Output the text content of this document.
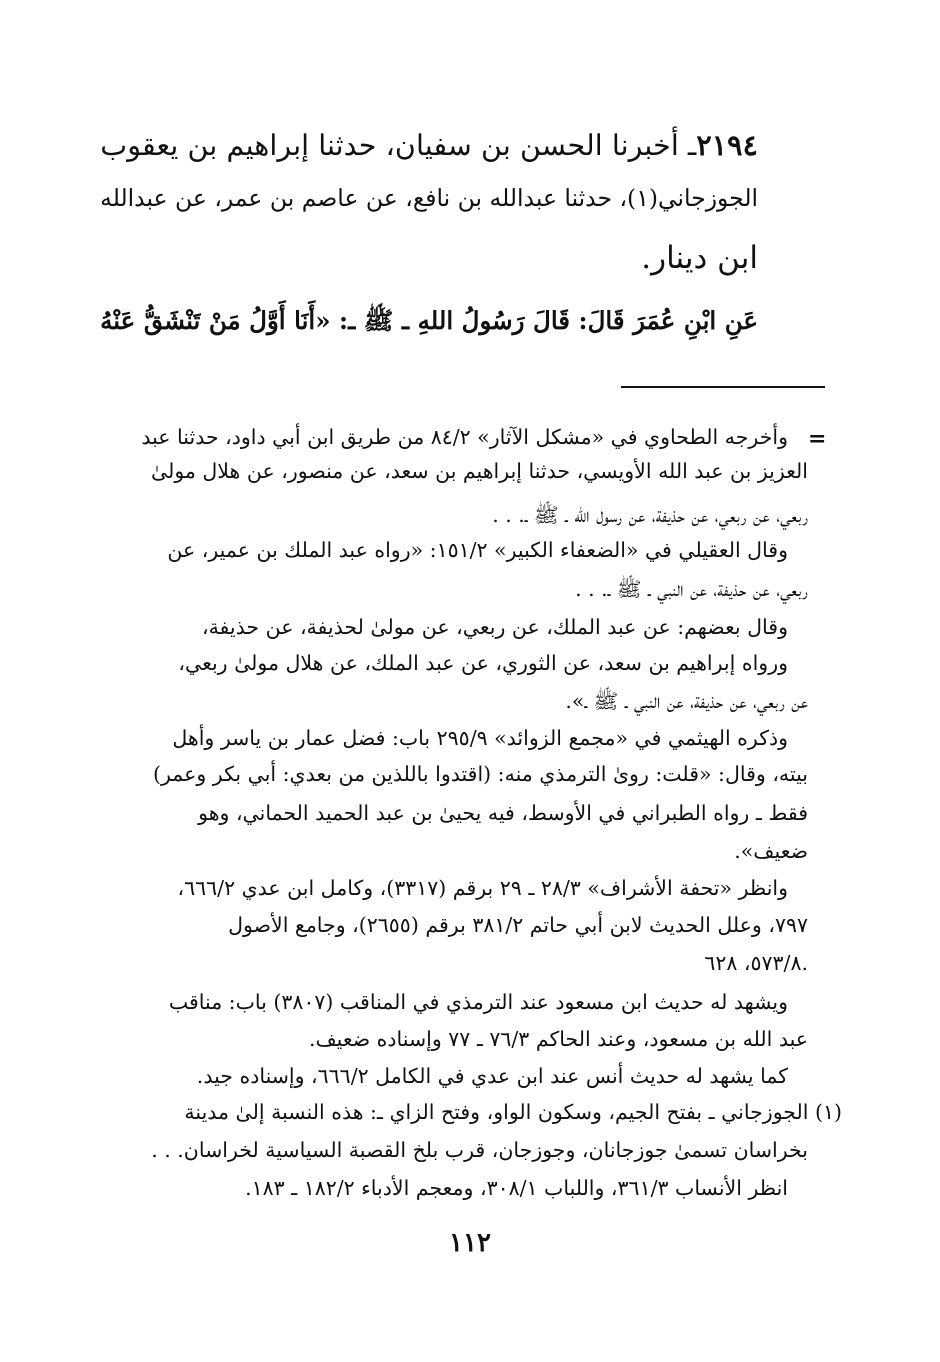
٢١٩٤ـ أخبرنا الحسن بن سفيان، حدثنا إبراهيم بن يعقوب
الجوزجاني(١)، حدثنا عبدالله بن نافع، عن عاصم بن عمر، عن عبدالله
ابن دينار.
عَنِ ابْنِ عُمَرَ قَالَ: قَالَ رَسُولُ اللهِ ـ ﷺ ـ: «أَنَا أَوَّلُ مَنْ تَنْشَقُّ عَنْهُ
=
وأخرجه الطحاوي في «مشكل الآثار» ٨٤/٢ من طريق ابن أبي داود، حدثنا عبد
العزيز بن عبد الله الأويسي، حدثنا إبراهيم بن سعد، عن منصور، عن هلال مولىٰ
ربعي، عن ربعي، عن حذيفة، عن رسول الله ـ ﷺ ـ. . .
وقال العقيلي في «الضعفاء الكبير» ١٥١/٢: «رواه عبد الملك بن عمير، عن
ربعي، عن حذيفة، عن النبي ـ ﷺ ـ. . .
وقال بعضهم: عن عبد الملك، عن ربعي، عن مولىٰ لحذيفة، عن حذيفة،
ورواه إبراهيم بن سعد، عن الثوري، عن عبد الملك، عن هلال مولىٰ ربعي،
عن ربعي، عن حذيفة، عن النبي ـ ﷺ ـ».
وذكره الهيثمي في «مجمع الزوائد» ٢٩٥/٩ باب: فضل عمار بن ياسر وأهل
بيته، وقال: «قلت: رویٰ الترمذي منه: (اقتدوا باللذين من بعدي: أبي بكر وعمر)
فقط ـ رواه الطبراني في الأوسط، فيه يحيىٰ بن عبد الحميد الحماني، وهو
ضعيف».
وانظر «تحفة الأشراف» ٢٨/٣ ـ ٢٩ برقم (٣٣١٧)، وكامل ابن عدي ٦٦٦/٢،
٧٩٧، وعلل الحديث لابن أبي حاتم ٣٨١/٢ برقم (٢٦٥٥)، وجامع الأصول
٥٧٣/٨، ٦٢٨.
ويشهد له حديث ابن مسعود عند الترمذي في المناقب (٣٨٠٧) باب: مناقب
عبد الله بن مسعود، وعند الحاكم ٧٦/٣ ـ ٧٧ وإسناده ضعيف.
كما يشهد له حديث أنس عند ابن عدي في الكامل ٦٦٦/٢، وإسناده جيد.
(١) الجوزجاني ـ بفتح الجيم، وسكون الواو، وفتح الزاي ـ: هذه النسبة إلىٰ مدينة
بخراسان تسمىٰ جوزجانان، وجوزجان، قرب بلخ القصبة السياسية لخراسان. . .
انظر الأنساب ٣٦١/٣، واللباب ٣٠٨/١، ومعجم الأدباء ١٨٢/٢ ـ ١٨٣.
١١٢
